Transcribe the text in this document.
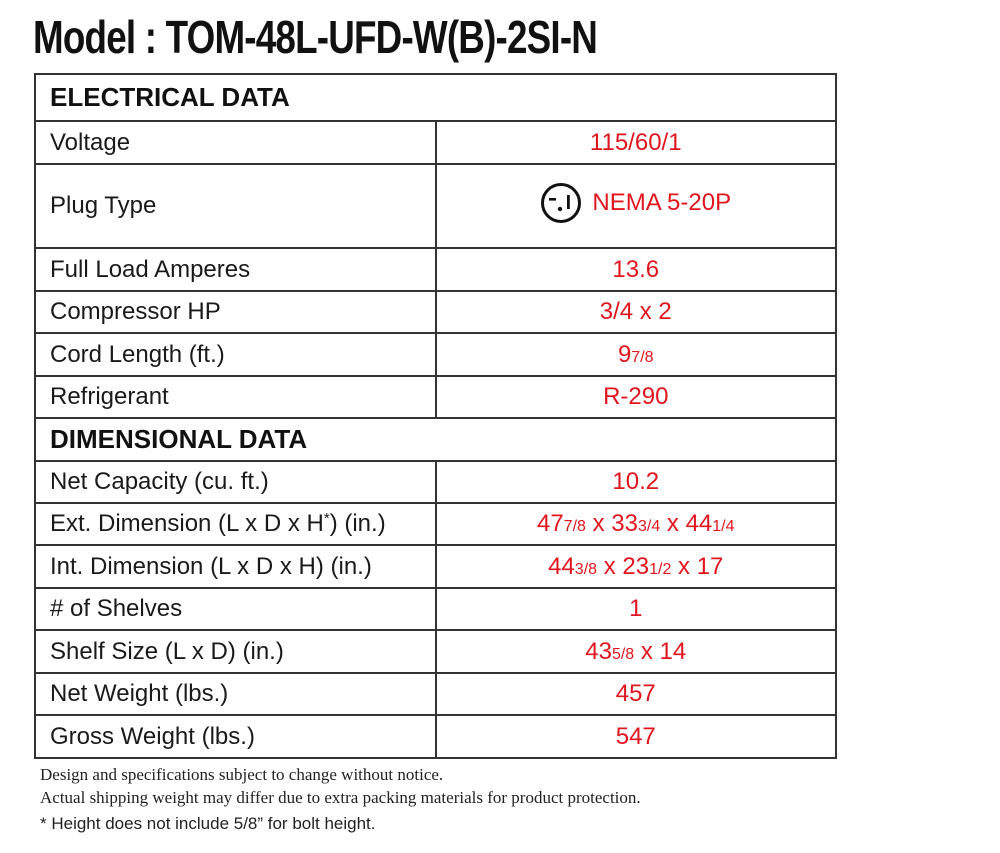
Model : TOM-48L-UFD-W(B)-2SI-N
ELECTRICAL DATA	
Voltage	115/60/1
Plug Type	NEMA 5-20P

Full Load Amperes	13.6
Compressor HP	3/4 x 2
Cord Length (ft.)	97/8
Refrigerant	R-290
DIMENSIONAL DATA	
Net Capacity (cu. ft.)	10.2
Ext. Dimension (L x D x H*) (in.)	477/8 x 333/4 x 441/4
Int. Dimension (L x D x H) (in.)	443/8 x 231/2 x 17
# of Shelves	1
Shelf Size (L x D) (in.)	435/8 x 14
Net Weight (lbs.)	457
Gross Weight (lbs.)	547
Design and specifications subject to change without notice.
Actual shipping weight may differ due to extra packing materials for product protection.
* Height does not include 5/8” for bolt height.
